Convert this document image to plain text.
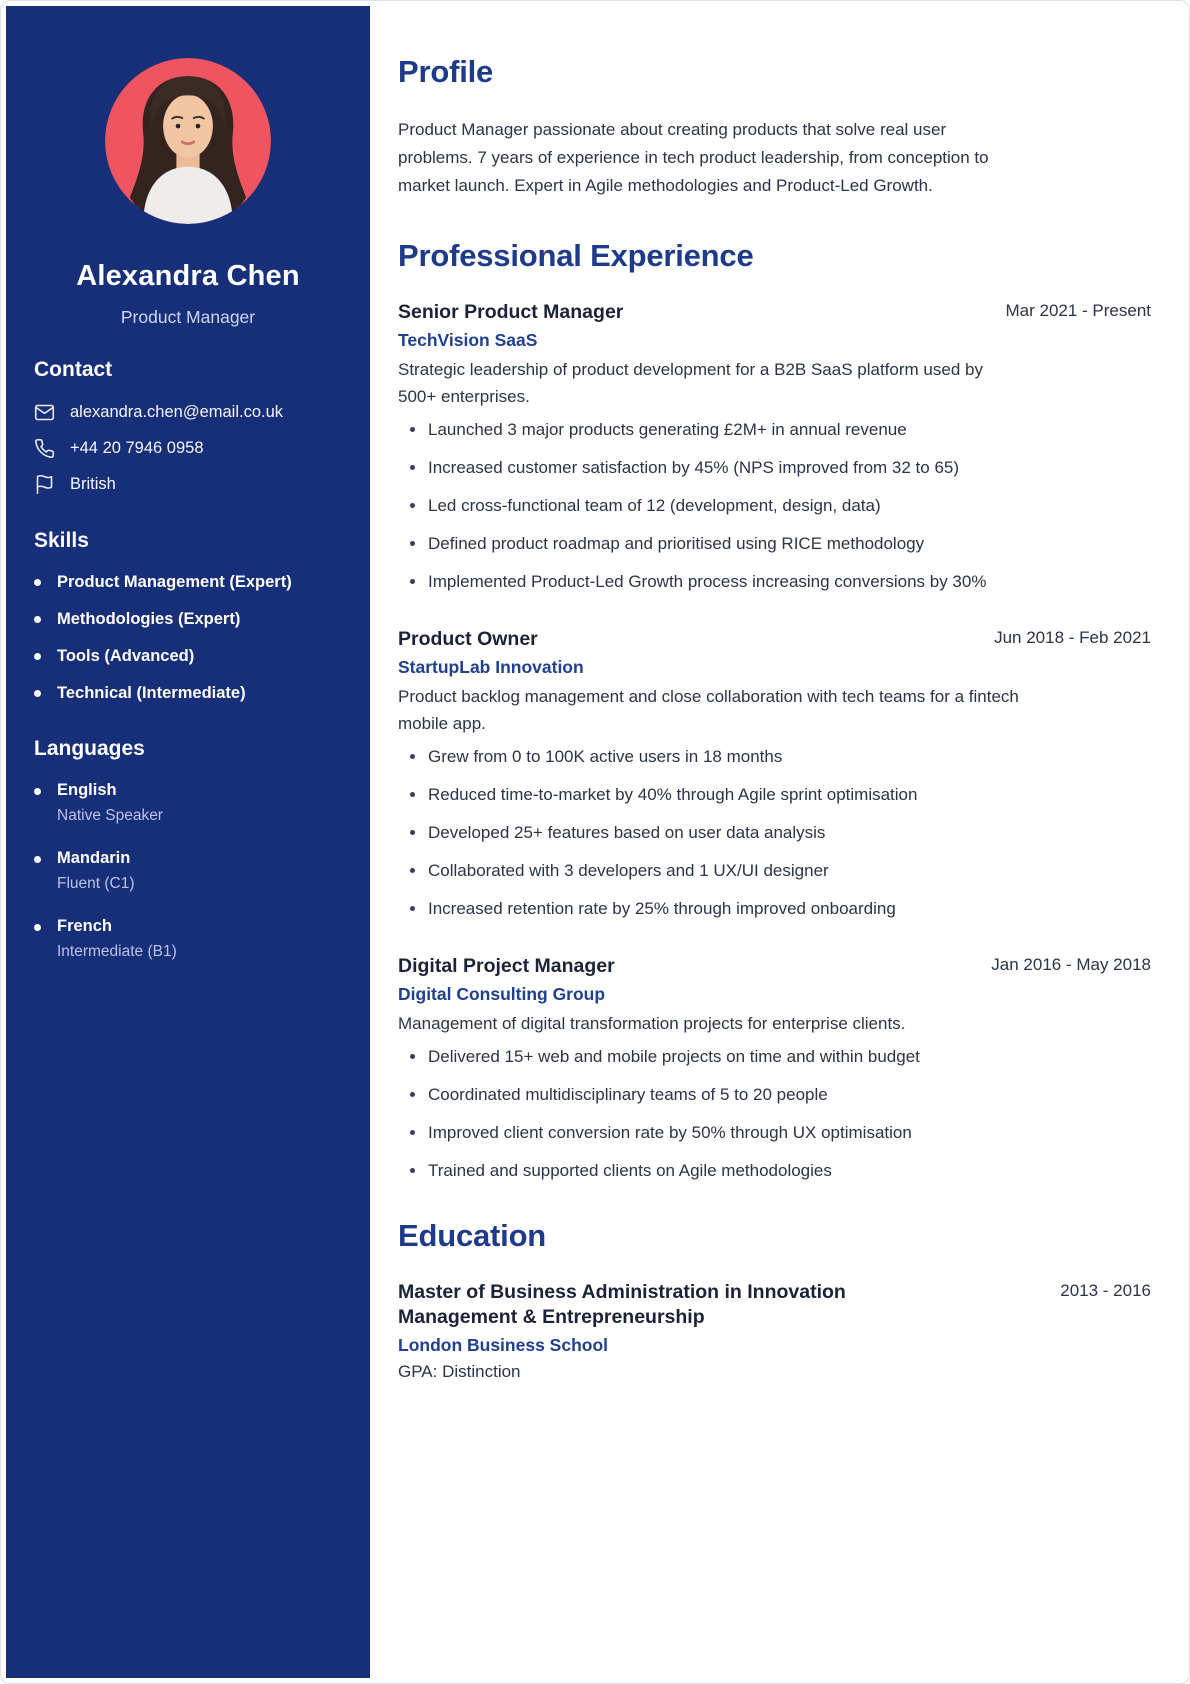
Alexandra Chen
Product Manager
Contact
alexandra.chen@email.co.uk
+44 20 7946 0958
British
Skills
Product Management (Expert)
Methodologies (Expert)
Tools (Advanced)
Technical (Intermediate)
Languages
English
Native Speaker
Mandarin
Fluent (C1)
French
Intermediate (B1)
Profile

Product Manager passionate about creating products that solve real user problems. 7 years of experience in tech product leadership, from conception to market launch. Expert in Agile methodologies and Product-Led Growth.

Professional Experience
Senior Product Manager	Mar 2021 - Present
TechVision SaaS

Strategic leadership of product development for a B2B SaaS platform used by 500+ enterprises.

Launched 3 major products generating £2M+ in annual revenue
Increased customer satisfaction by 45% (NPS improved from 32 to 65)
Led cross-functional team of 12 (development, design, data)
Defined product roadmap and prioritised using RICE methodology
Implemented Product-Led Growth process increasing conversions by 30%
Product Owner	Jun 2018 - Feb 2021
StartupLab Innovation

Product backlog management and close collaboration with tech teams for a fintech mobile app.

Grew from 0 to 100K active users in 18 months
Reduced time-to-market by 40% through Agile sprint optimisation
Developed 25+ features based on user data analysis
Collaborated with 3 developers and 1 UX/UI designer
Increased retention rate by 25% through improved onboarding
Digital Project Manager	Jan 2016 - May 2018
Digital Consulting Group

Management of digital transformation projects for enterprise clients.

Delivered 15+ web and mobile projects on time and within budget
Coordinated multidisciplinary teams of 5 to 20 people
Improved client conversion rate by 50% through UX optimisation
Trained and supported clients on Agile methodologies
Education
Master of Business Administration in Innovation Management & Entrepreneurship
2013 - 2016
London Business School
GPA: Distinction
